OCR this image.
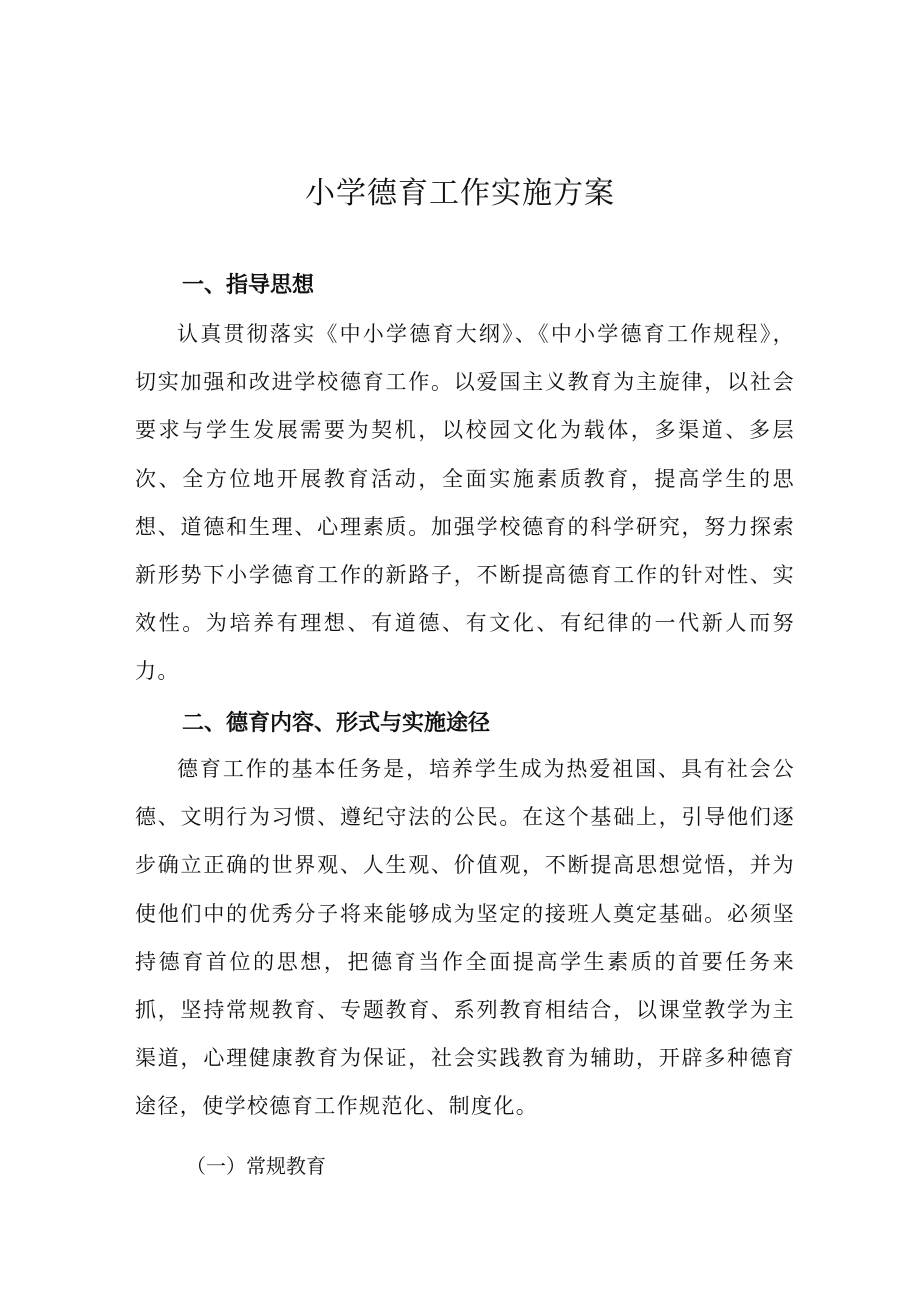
小学德育工作实施方案
一、指导思想

认真贯彻落实《中小学德育大纲》、《中小学德育工作规程》，切实加强和改进学校德育工作。以爱国主义教育为主旋律，以社会要求与学生发展需要为契机，以校园文化为载体，多渠道、多层次、全方位地开展教育活动，全面实施素质教育，提高学生的思想、道德和生理、心理素质。加强学校德育的科学研究，努力探索新形势下小学德育工作的新路子，不断提高德育工作的针对性、实效性。为培养有理想、有道德、有文化、有纪律的一代新人而努力。

二、德育内容、形式与实施途径

德育工作的基本任务是，培养学生成为热爱祖国、具有社会公德、文明行为习惯、遵纪守法的公民。在这个基础上，引导他们逐步确立正确的世界观、人生观、价值观，不断提高思想觉悟，并为使他们中的优秀分子将来能够成为坚定的接班人奠定基础。必须坚持德育首位的思想，把德育当作全面提高学生素质的首要任务来抓，坚持常规教育、专题教育、系列教育相结合，以课堂教学为主渠道，心理健康教育为保证，社会实践教育为辅助，开辟多种德育途径，使学校德育工作规范化、制度化。

（一）常规教育
